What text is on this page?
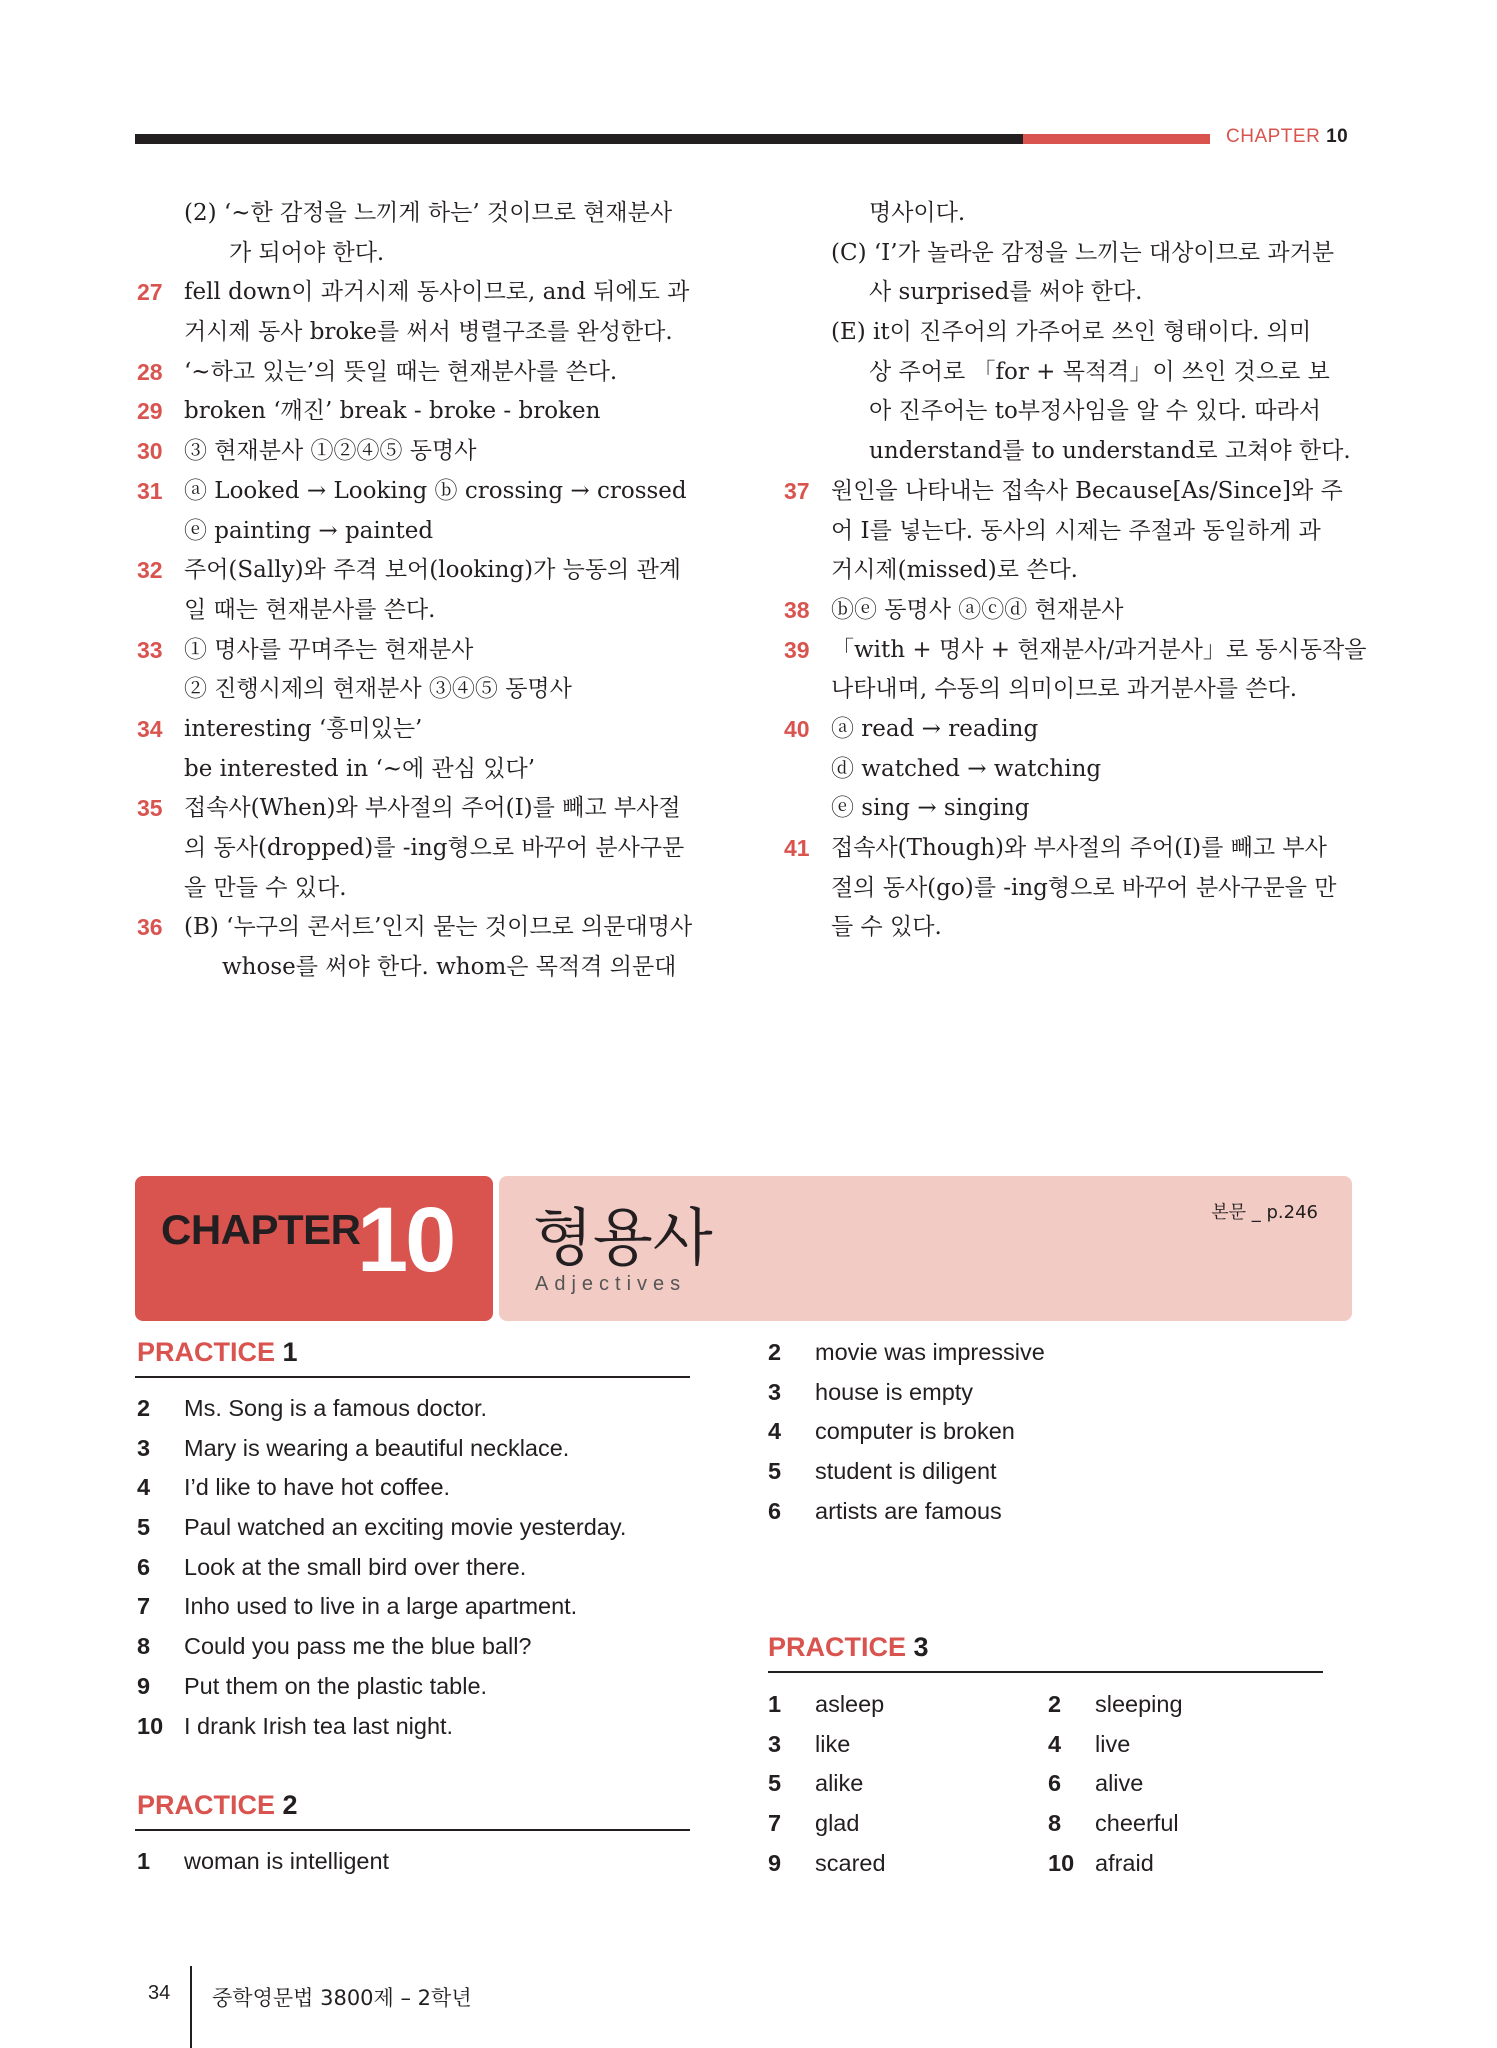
CHAPTER 10
(2) ‘~한 감정을 느끼게 하는’ 것이므로 현재분사
가 되어야 한다.
27 fell down이 과거시제 동사이므로, and 뒤에도 과
거시제 동사 broke를 써서 병렬구조를 완성한다.
28 ‘~하고 있는’의 뜻일 때는 현재분사를 쓴다.
29 broken ‘깨진’ break - broke - broken
30 ③ 현재분사 ①②④⑤ 동명사
31 ⓐ Looked → Looking ⓑ crossing → crossed
ⓔ painting → painted
32 주어(Sally)와 주격 보어(looking)가 능동의 관계
일 때는 현재분사를 쓴다.
33 ① 명사를 꾸며주는 현재분사
② 진행시제의 현재분사 ③④⑤ 동명사
34 interesting ‘흥미있는’
be interested in ‘~에 관심 있다’
35 접속사(When)와 부사절의 주어(I)를 빼고 부사절
의 동사(dropped)를 -ing형으로 바꾸어 분사구문
을 만들 수 있다.
36 (B) ‘누구의 콘서트’인지 묻는 것이므로 의문대명사
whose를 써야 한다. whom은 목적격 의문대
명사이다.
(C) ‘I’가 놀라운 감정을 느끼는 대상이므로 과거분
사 surprised를 써야 한다.
(E) it이 진주어의 가주어로 쓰인 형태이다. 의미
상 주어로 「for + 목적격」이 쓰인 것으로 보
아 진주어는 to부정사임을 알 수 있다. 따라서
understand를 to understand로 고쳐야 한다.
37 원인을 나타내는 접속사 Because[As/Since]와 주
어 I를 넣는다. 동사의 시제는 주절과 동일하게 과
거시제(missed)로 쓴다.
38 ⓑⓔ 동명사 ⓐⓒⓓ 현재분사
39 「with + 명사 + 현재분사/과거분사」로 동시동작을
나타내며, 수동의 의미이므로 과거분사를 쓴다.
40 ⓐ read → reading
ⓓ watched → watching
ⓔ sing → singing
41 접속사(Though)와 부사절의 주어(I)를 빼고 부사
절의 동사(go)를 -ing형으로 바꾸어 분사구문을 만
들 수 있다.
CHAPTER
10 형용사
Adjectives
본문 _ p.246
PRACTICE 1
2 Ms. Song is a famous doctor.
3 Mary is wearing a beautiful necklace.
4 I’d like to have hot coffee.
5 Paul watched an exciting movie yesterday.
6 Look at the small bird over there.
7 Inho used to live in a large apartment.
8 Could you pass me the blue ball?
9 Put them on the plastic table.
10 I drank Irish tea last night.
PRACTICE 2
1 woman is intelligent
2 movie was impressive
3 house is empty
4 computer is broken
5 student is diligent
6 artists are famous
PRACTICE 3
1 asleep	2 sleeping
3 like	4 live
5 alike	6 alive
7 glad	8 cheerful
9 scared	10 afraid
34 중학영문법 3800제 – 2학년
